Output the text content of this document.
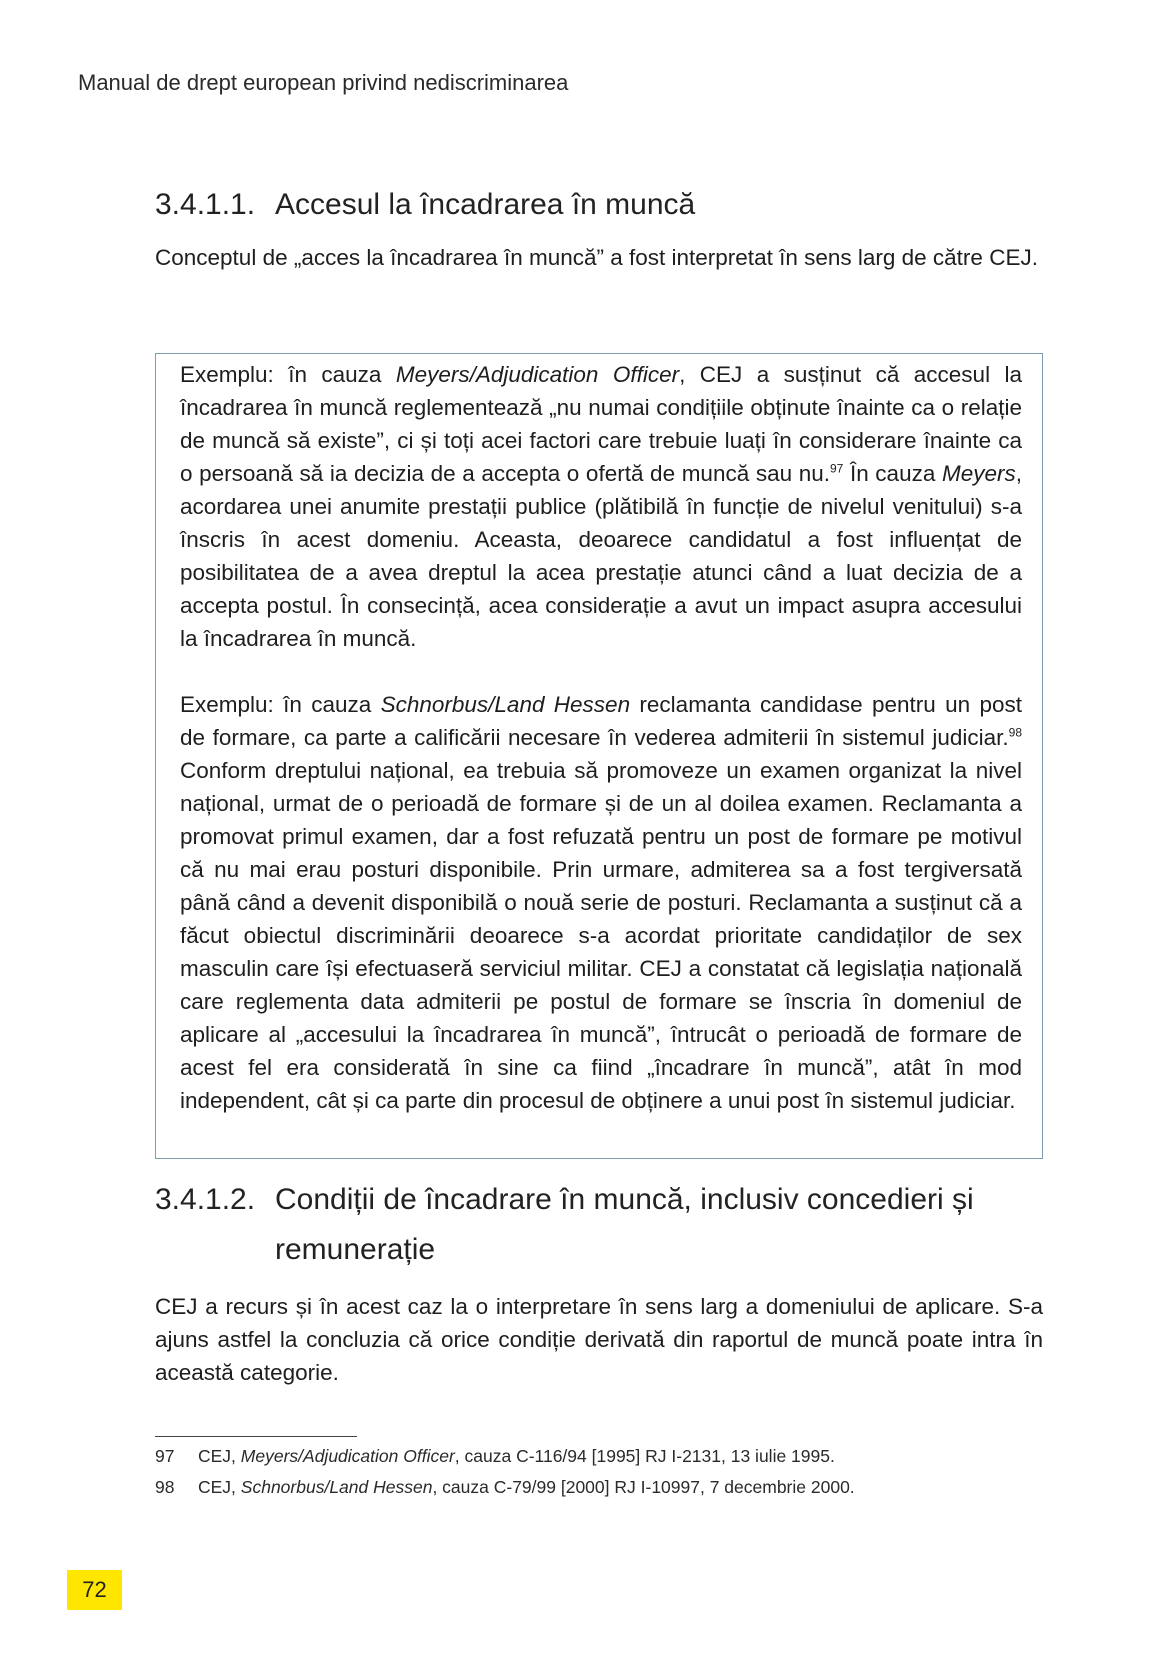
Manual de drept european privind nediscriminarea
3.4.1.1. Accesul la încadrarea în muncă

Conceptul de „acces la încadrarea în muncă” a fost interpretat în sens larg de către CEJ.

Exemplu: în cauza Meyers/Adjudication Officer, CEJ a susținut că accesul la încadrarea în muncă reglementează „nu numai condițiile obținute înainte ca o relație de muncă să existe”, ci și toți acei factori care trebuie luați în considerare înainte ca o persoană să ia decizia de a accepta o ofertă de muncă sau nu.$^{97}$ În cauza Meyers, acordarea unei anumite prestații publice (plătibilă în funcție de nivelul venitului) s-a înscris în acest domeniu. Aceasta, deoarece candidatul a fost influențat de posibilitatea de a avea dreptul la acea prestație atunci când a luat decizia de a accepta postul. În consecință, acea considerație a avut un impact asupra accesului la încadrarea în muncă.

Exemplu: în cauza Schnorbus/Land Hessen reclamanta candidase pentru un post de formare, ca parte a calificării necesare în vederea admiterii în sistemul judiciar.$^{98}$ Conform dreptului național, ea trebuia să promoveze un examen organizat la nivel național, urmat de o perioadă de formare și de un al doilea examen. Reclamanta a promovat primul examen, dar a fost refuzată pentru un post de formare pe motivul că nu mai erau posturi disponibile. Prin urmare, admiterea sa a fost tergiversată până când a devenit disponibilă o nouă serie de posturi. Reclamanta a susținut că a făcut obiectul discriminării deoarece s-a acordat prioritate candidaților de sex masculin care își efectuaseră serviciul militar. CEJ a constatat că legislația națională care reglementa data admiterii pe postul de formare se înscria în domeniul de aplicare al „accesului la încadrarea în muncă”, întrucât o perioadă de formare de acest fel era considerată în sine ca fiind „încadrare în muncă”, atât în mod independent, cât și ca parte din procesul de obținere a unui post în sistemul judiciar.

3.4.1.2. Condiții de încadrare în muncă, inclusiv concedieri și remunerație

CEJ a recurs și în acest caz la o interpretare în sens larg a domeniului de aplicare. S-a ajuns astfel la concluzia că orice condiție derivată din raportul de muncă poate intra în această categorie.

97 CEJ, Meyers/Adjudication Officer, cauza C-116/94 [1995] RJ I-2131, 13 iulie 1995.
98 CEJ, Schnorbus/Land Hessen, cauza C-79/99 [2000] RJ I-10997, 7 decembrie 2000.
72
